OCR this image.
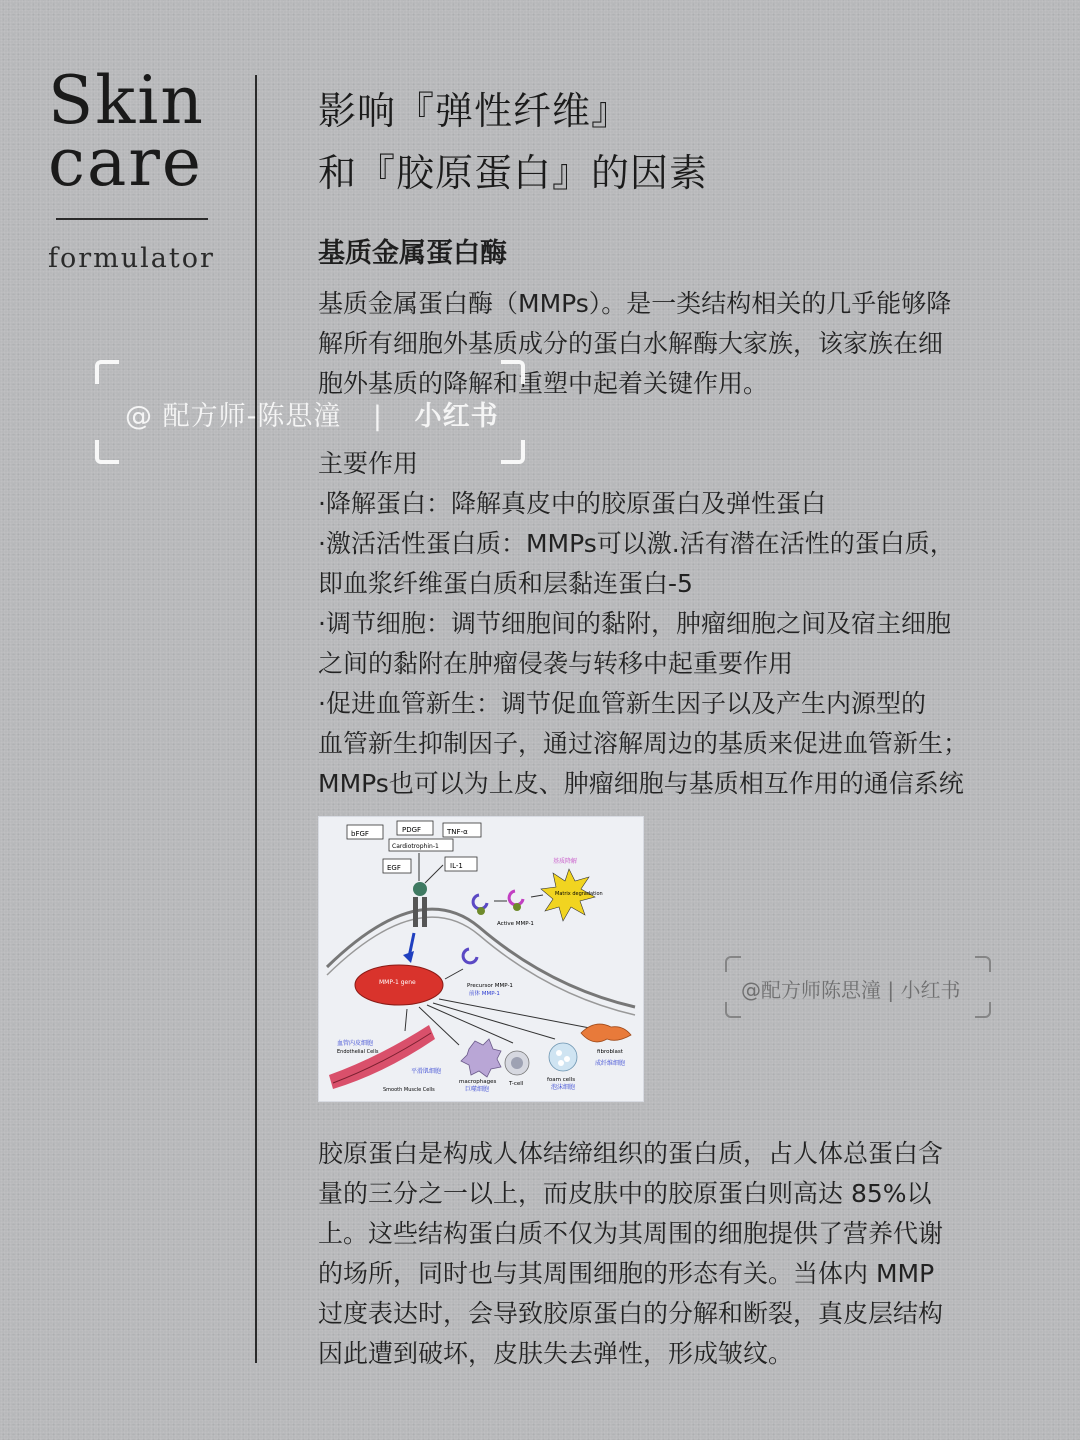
Skin
care
formulator
影响『弹性纤维』
和『胶原蛋白』的因素
基质金属蛋白酶

基质金属蛋白酶（MMPs）。是一类结构相关的几乎能够降

解所有细胞外基质成分的蛋白水解酶大家族，该家族在细

胞外基质的降解和重塑中起着关键作用。

主要作用

·降解蛋白：降解真皮中的胶原蛋白及弹性蛋白

·激活活性蛋白质：MMPs可以激.活有潜在活性的蛋白质，

即血浆纤维蛋白质和层黏连蛋白-5

·调节细胞：调节细胞间的黏附，肿瘤细胞之间及宿主细胞

之间的黏附在肿瘤侵袭与转移中起重要作用

·促进血管新生：调节促血管新生因子以及产生内源型的

血管新生抑制因子，通过溶解周边的基质来促进血管新生；

MMPs也可以为上皮、肿瘤细胞与基质相互作用的通信系统

bFGF	PDGF	TNF-α
Cardiotrophin-1
EGF	IL-1
MMP-1 gene	Precursor MMP-1
前体 MMP-1
Active MMP-1
基质降解
Matrix degradation
血管内皮细胞
Endothelial Cells
平滑肌细胞
Smooth Muscle Cells
macrophages
巨噬细胞
T-cell
foam cells
泡沫细胞
fibroblast
成纤维细胞

胶原蛋白是构成人体结缔组织的蛋白质，占人体总蛋白含

量的三分之一以上，而皮肤中的胶原蛋白则高达 85%以

上。这些结构蛋白质不仅为其周围的细胞提供了营养代谢

的场所，同时也与其周围细胞的形态有关。当体内 MMP

过度表达时，会导致胶原蛋白的分解和断裂，真皮层结构

因此遭到破坏，皮肤失去弹性，形成皱纹。

@ 配方师-陈思潼 | 小红书
@配方师陈思潼 | 小红书
